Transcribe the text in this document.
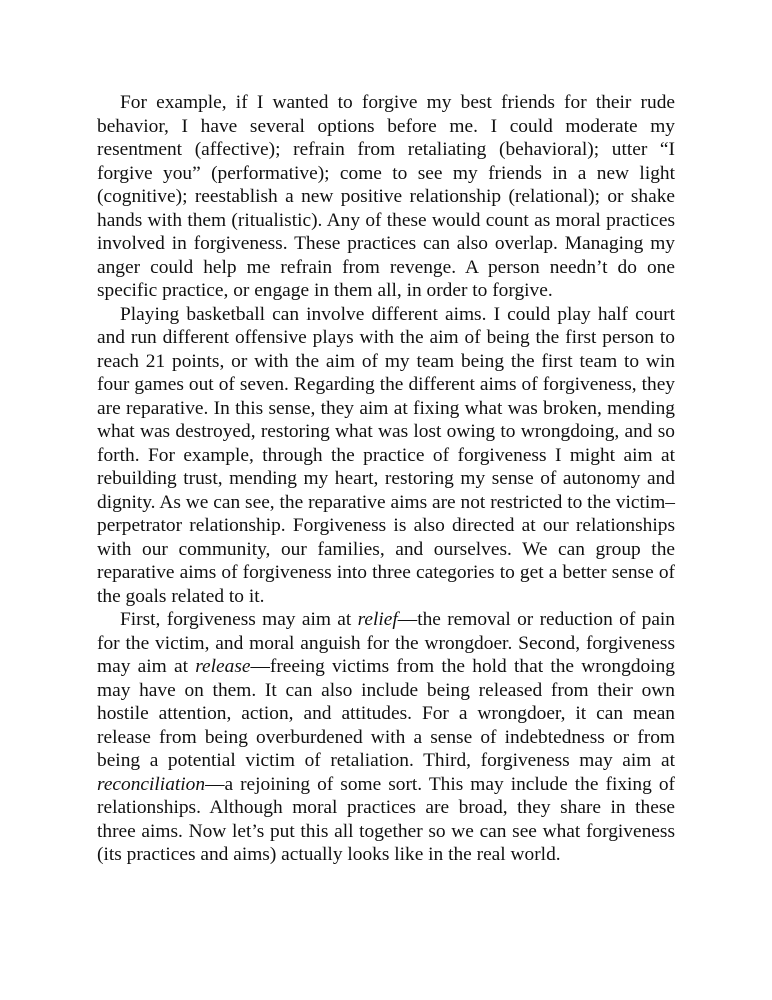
For example, if I wanted to forgive my best friends for their rude behavior, I have several options before me. I could moderate my resentment (affective); refrain from retaliating (behavioral); utter “I forgive you” (performative); come to see my friends in a new light (cognitive); reestablish a new positive relationship (relational); or shake hands with them (ritualistic). Any of these would count as moral practices involved in forgiveness. These practices can also overlap. Managing my anger could help me refrain from revenge. A person needn’t do one specific practice, or engage in them all, in order to forgive.

Playing basketball can involve different aims. I could play half court and run different offensive plays with the aim of being the first person to reach 21 points, or with the aim of my team being the first team to win four games out of seven. Regarding the different aims of forgiveness, they are reparative. In this sense, they aim at fixing what was broken, mending what was destroyed, restoring what was lost owing to wrongdoing, and so forth. For example, through the practice of forgiveness I might aim at rebuilding trust, mending my heart, restoring my sense of autonomy and dignity. As we can see, the reparative aims are not restricted to the victim–perpetrator relationship. Forgiveness is also directed at our relationships with our community, our families, and ourselves. We can group the reparative aims of forgiveness into three categories to get a better sense of the goals related to it.

First, forgiveness may aim at relief—the removal or reduction of pain for the victim, and moral anguish for the wrongdoer. Second, forgiveness may aim at release—freeing victims from the hold that the wrongdoing may have on them. It can also include being released from their own hostile attention, action, and attitudes. For a wrongdoer, it can mean release from being overburdened with a sense of indebtedness or from being a potential victim of retaliation. Third, forgiveness may aim at reconciliation—a rejoining of some sort. This may include the fixing of relationships. Although moral practices are broad, they share in these three aims. Now let’s put this all together so we can see what forgiveness (its practices and aims) actually looks like in the real world.
